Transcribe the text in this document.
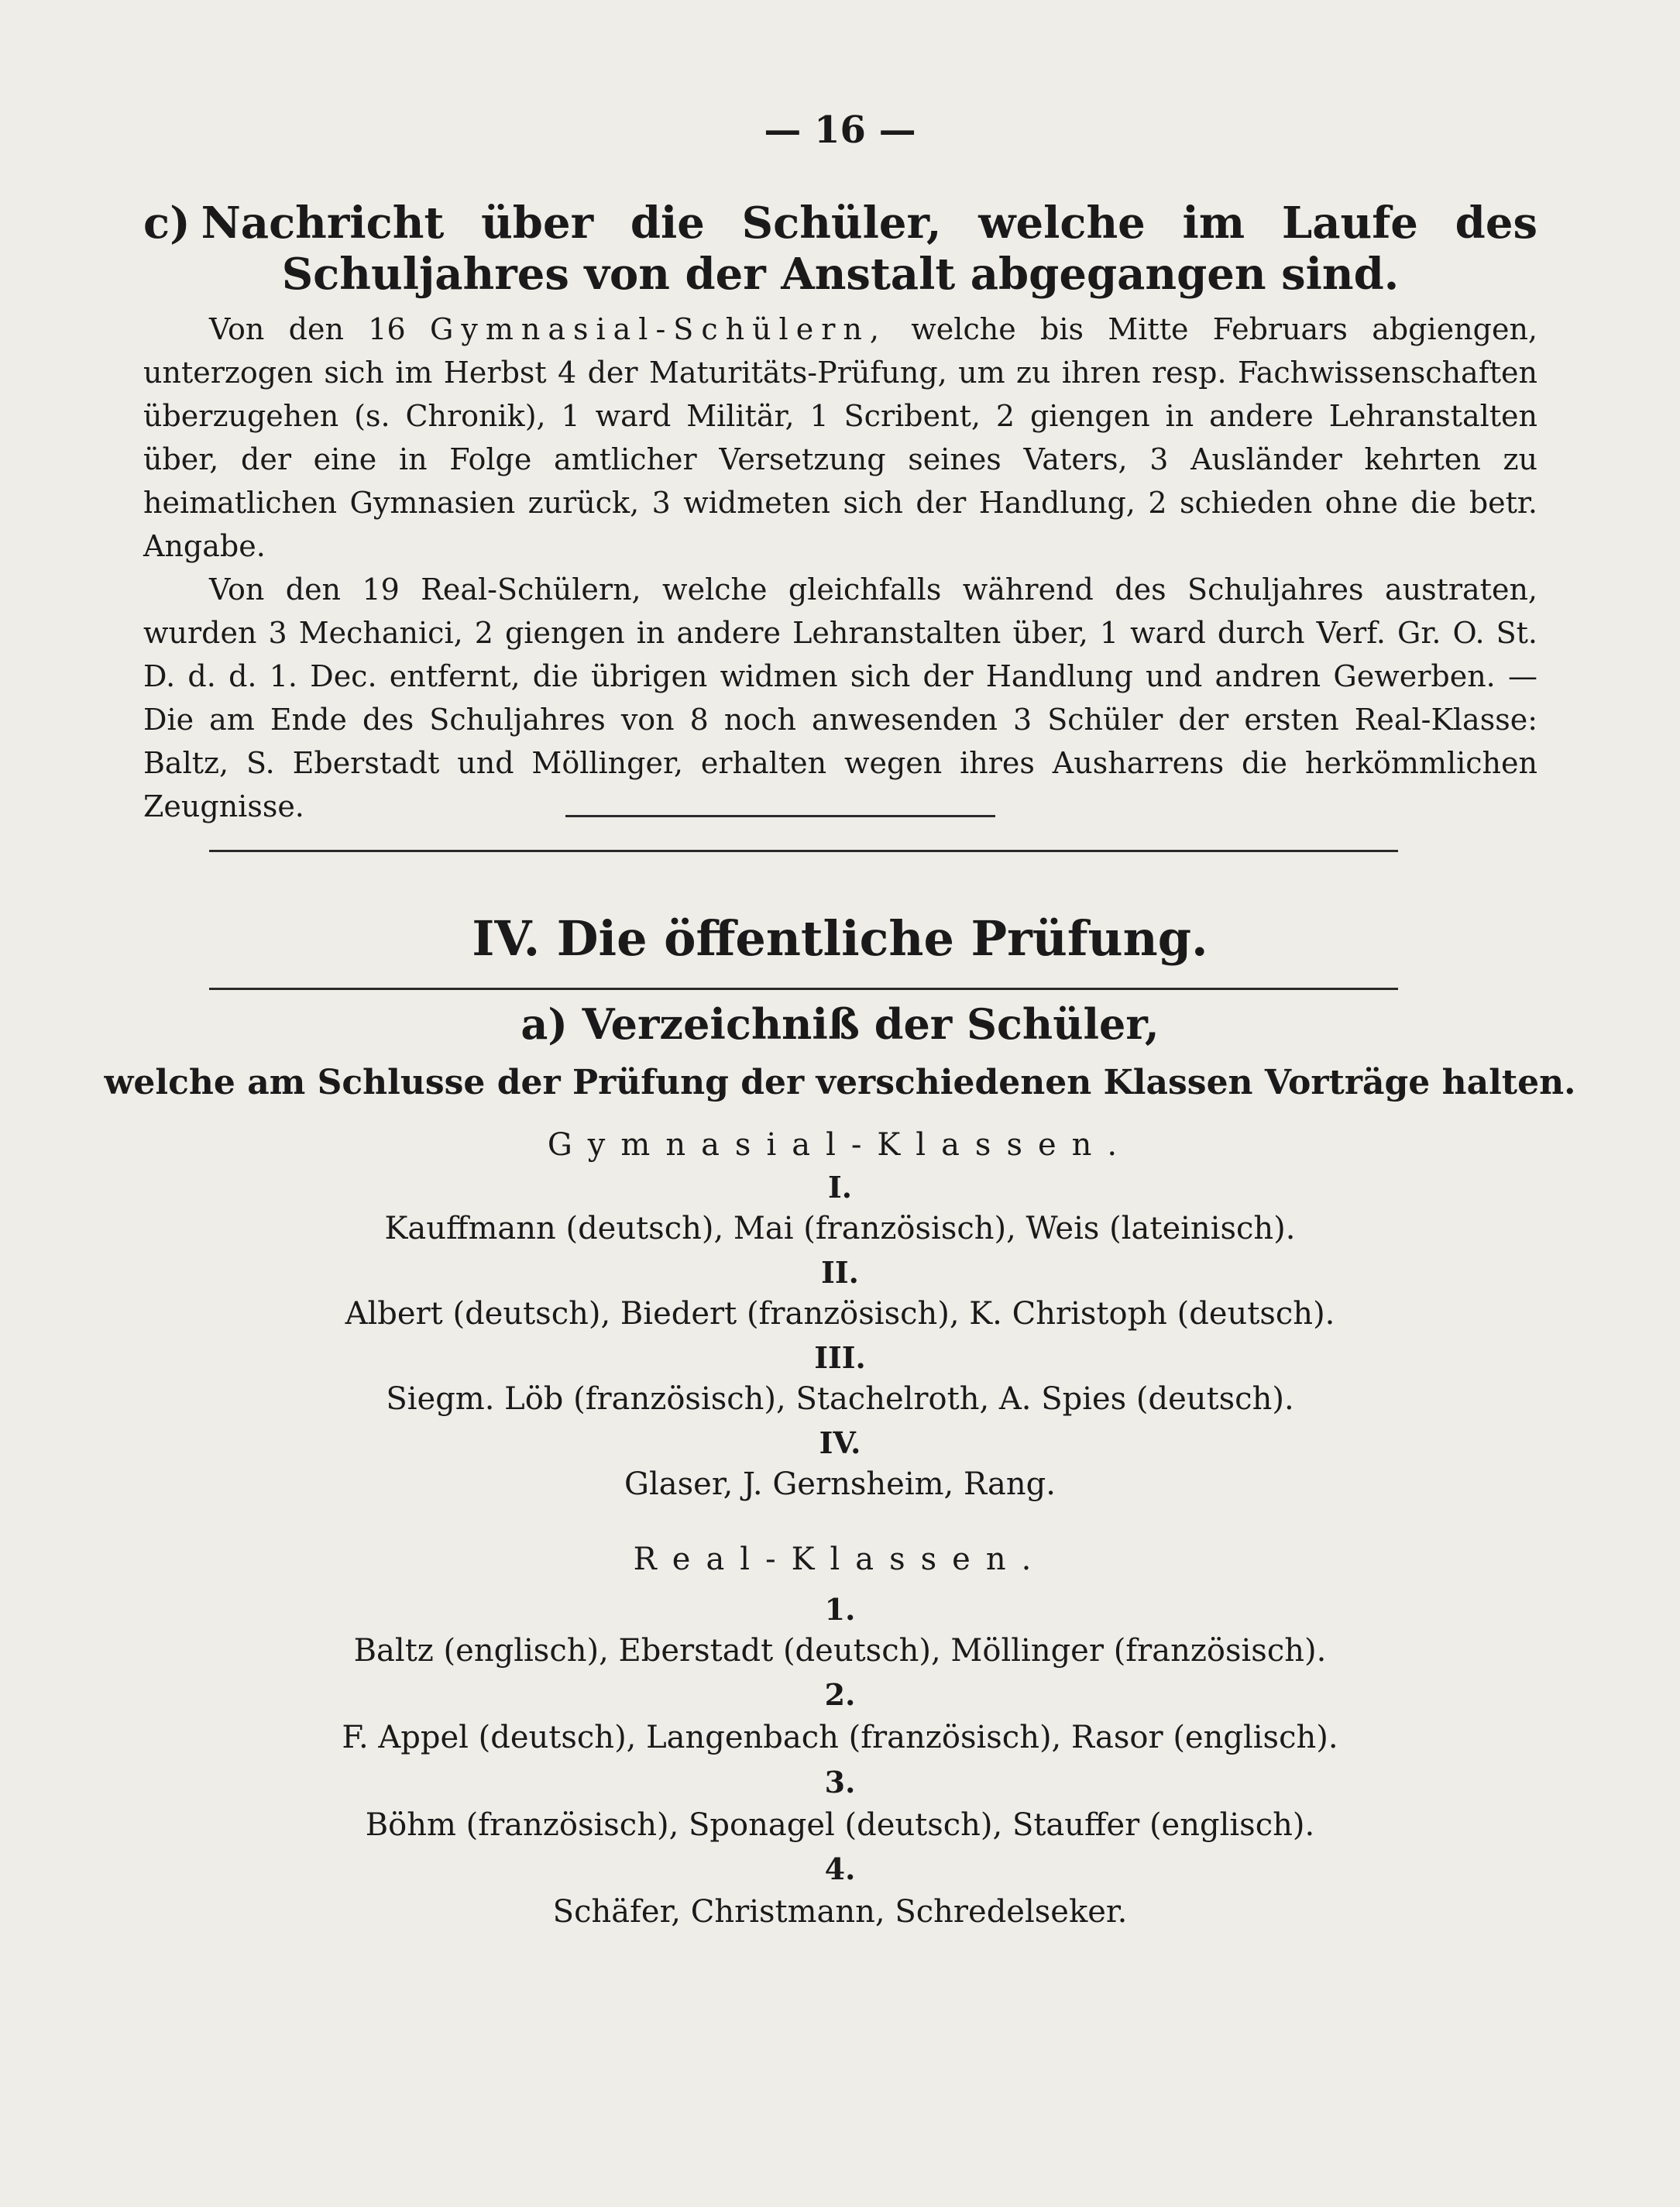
— 16 —

c) Nachricht über die Schüler, welche im Laufe des Schuljahres von der Anstalt abgegangen sind.

Von den 16 Gymnasial-Schülern, welche bis Mitte Februars abgiengen, unterzogen sich im Herbst 4 der Maturitäts-Prüfung, um zu ihren resp. Fachwissenschaften überzugehen (s. Chronik), 1 ward Militär, 1 Scribent, 2 giengen in andere Lehranstalten über, der eine in Folge amtlicher Versetzung seines Vaters, 3 Ausländer kehrten zu heimatlichen Gymnasien zurück, 3 widmeten sich der Handlung, 2 schieden ohne die betr. Angabe.

Von den 19 Real-Schülern, welche gleichfalls während des Schuljahres austraten, wurden 3 Mechanici, 2 giengen in andere Lehranstalten über, 1 ward durch Verf. Gr. O. St. D. d. d. 1. Dec. entfernt, die übrigen widmen sich der Handlung und andren Gewerben. — Die am Ende des Schuljahres von 8 noch anwesenden 3 Schüler der ersten Real-Klasse: Baltz, S. Eberstadt und Möllinger, erhalten wegen ihres Ausharrens die herkömmlichen Zeugnisse.

IV. Die öffentliche Prüfung.

a) Verzeichniß der Schüler,

welche am Schlusse der Prüfung der verschiedenen Klassen Vorträge halten.

Gymnasial-Klassen.

I.

Kauffmann (deutsch), Mai (französisch), Weis (lateinisch).

II.

Albert (deutsch), Biedert (französisch), K. Christoph (deutsch).

III.

Siegm. Löb (französisch), Stachelroth, A. Spies (deutsch).

IV.

Glaser, J. Gernsheim, Rang.

Real-Klassen.

1.

Baltz (englisch), Eberstadt (deutsch), Möllinger (französisch).

2.

F. Appel (deutsch), Langenbach (französisch), Rasor (englisch).

3.

Böhm (französisch), Sponagel (deutsch), Stauffer (englisch).

4.

Schäfer, Christmann, Schredelseker.
